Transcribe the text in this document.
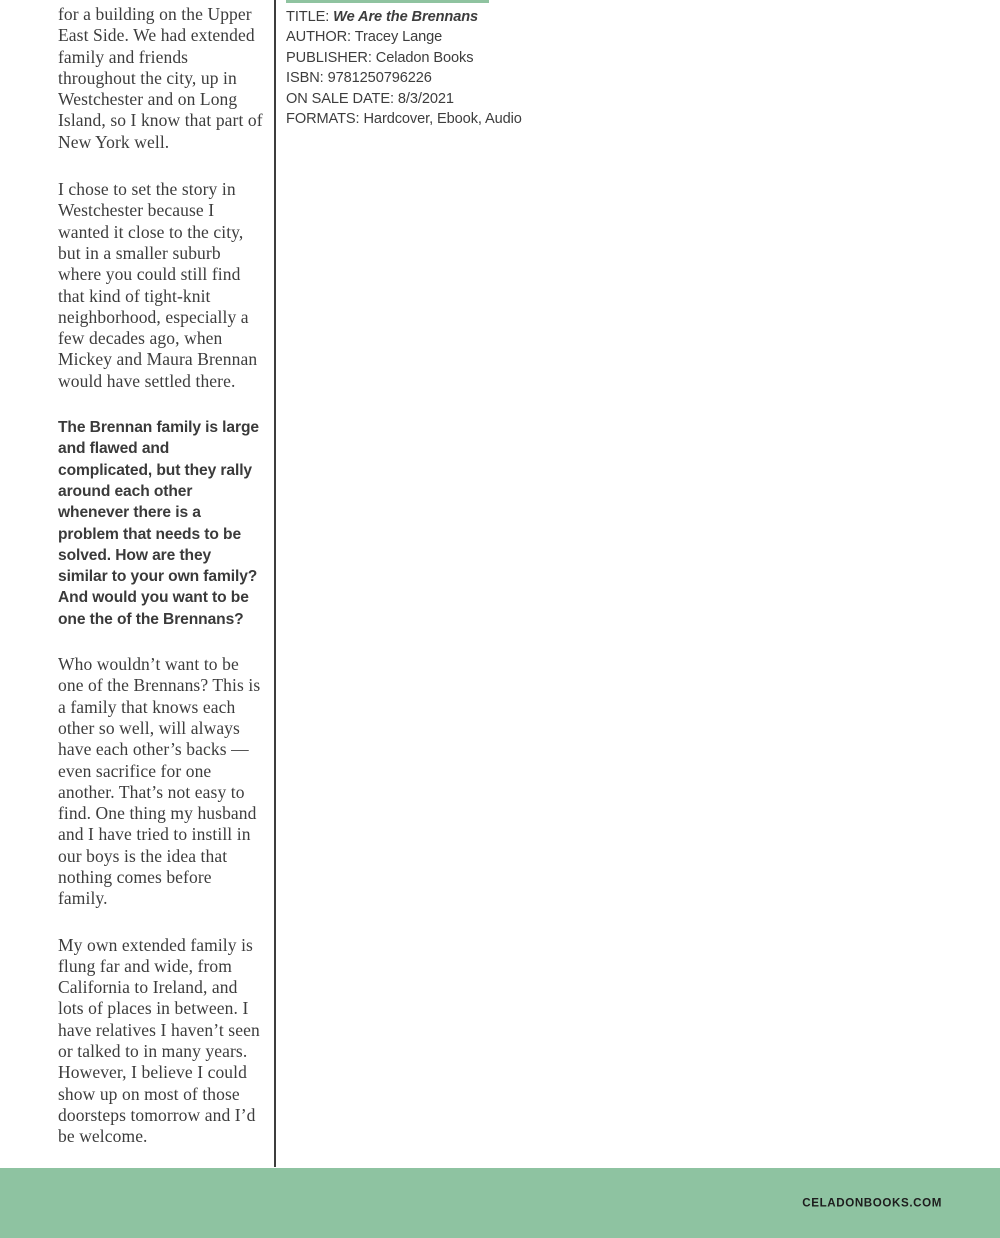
for a building on the Upper East Side. We had extended family and friends throughout the city, up in Westchester and on Long Island, so I know that part of New York well.

I chose to set the story in Westchester because I wanted it close to the city, but in a smaller suburb where you could still find that kind of tight-knit neighborhood, especially a few decades ago, when Mickey and Maura Brennan would have settled there.

The Brennan family is large and flawed and complicated, but they rally around each other whenever there is a problem that needs to be solved. How are they similar to your own family? And would you want to be one the of the Brennans?

Who wouldn’t want to be one of the Brennans? This is a family that knows each other so well, will always have each other’s backs — even sacrifice for one another. That’s not easy to find. One thing my husband and I have tried to instill in our boys is the idea that nothing comes before family.

My own extended family is flung far and wide, from California to Ireland, and lots of places in between. I have relatives I haven’t seen or talked to in many years. However, I believe I could show up on most of those doorsteps tomorrow and I’d be welcome.

TITLE: We Are the Brennans
AUTHOR: Tracey Lange
PUBLISHER: Celadon Books
ISBN: 9781250796226
ON SALE DATE: 8/3/2021
FORMATS: Hardcover, Ebook, Audio
CELADONBOOKS.COM
